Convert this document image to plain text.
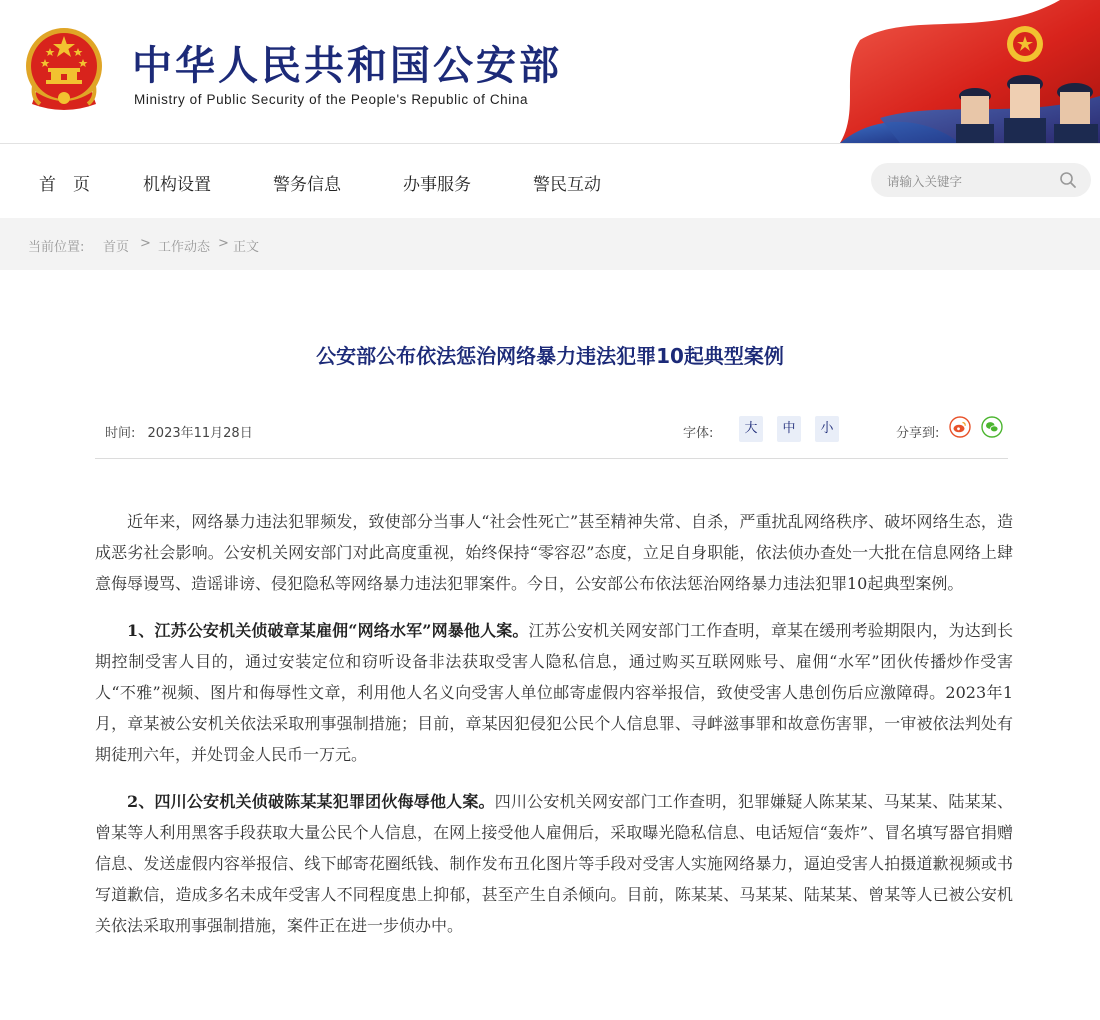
中华人民共和国公安部
Ministry of Public Security of the People's Republic of China
首　页	机构设置	警务信息	办事服务	警民互动
请输入关键字
当前位置: 首页 > 工作动态 > 正文
公安部公布依法惩治网络暴力违法犯罪10起典型案例
时间: 2023年11月28日	字体:	大	中	小	分享到:

近年来，网络暴力违法犯罪频发，致使部分当事人“社会性死亡”甚至精神失常、自杀，严重扰乱网络秩序、破坏网络生态，造成恶劣社会影响。公安机关网安部门对此高度重视，始终保持“零容忍”态度，立足自身职能，依法侦办查处一大批在信息网络上肆意侮辱谩骂、造谣诽谤、侵犯隐私等网络暴力违法犯罪案件。今日，公安部公布依法惩治网络暴力违法犯罪10起典型案例。

1、江苏公安机关侦破章某雇佣“网络水军”网暴他人案。江苏公安机关网安部门工作查明，章某在缓刑考验期限内，为达到长期控制受害人目的，通过安装定位和窃听设备非法获取受害人隐私信息，通过购买互联网账号、雇佣“水军”团伙传播炒作受害人“不雅”视频、图片和侮辱性文章，利用他人名义向受害人单位邮寄虚假内容举报信，致使受害人患创伤后应激障碍。2023年1月，章某被公安机关依法采取刑事强制措施；目前，章某因犯侵犯公民个人信息罪、寻衅滋事罪和故意伤害罪，一审被依法判处有期徒刑六年，并处罚金人民币一万元。

2、四川公安机关侦破陈某某犯罪团伙侮辱他人案。四川公安机关网安部门工作查明，犯罪嫌疑人陈某某、马某某、陆某某、曾某等人利用黑客手段获取大量公民个人信息，在网上接受他人雇佣后，采取曝光隐私信息、电话短信“轰炸”、冒名填写器官捐赠信息、发送虚假内容举报信、线下邮寄花圈纸钱、制作发布丑化图片等手段对受害人实施网络暴力，逼迫受害人拍摄道歉视频或书写道歉信，造成多名未成年受害人不同程度患上抑郁，甚至产生自杀倾向。目前，陈某某、马某某、陆某某、曾某等人已被公安机关依法采取刑事强制措施，案件正在进一步侦办中。
